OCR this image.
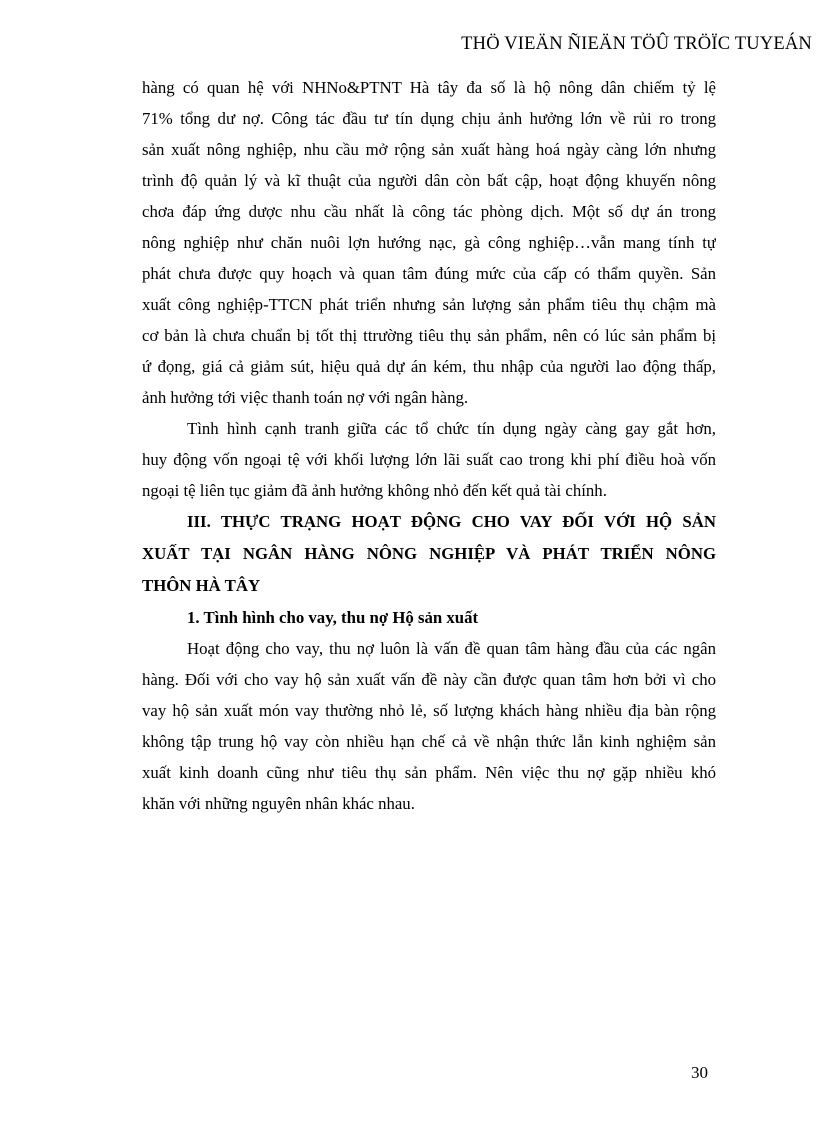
THÖ VIEÄN ÑIEÄN TÖÛ TRÖÏC TUYEÁN
hàng có quan hệ với NHNo&PTNT Hà tây đa số là hộ nông dân chiếm tỷ lệ
71% tổng dư nợ. Công tác đầu tư tín dụng chịu ảnh hưởng lớn về rủi ro trong
sản xuất nông nghiệp, nhu cầu mở rộng sản xuất hàng hoá ngày càng lớn nhưng
trình độ quản lý và kĩ thuật của người dân còn bất cập, hoạt động khuyến nông
chơa đáp ứng dược nhu cầu nhất là công tác phòng dịch. Một số dự án trong
nông nghiệp như chăn nuôi lợn hướng nạc, gà công nghiệp…vẫn mang tính tự
phát chưa được quy hoạch và quan tâm đúng mức của cấp có thẩm quyền. Sản
xuất công nghiệp-TTCN phát triển nhưng sản lượng sản phẩm tiêu thụ chậm mà
cơ bản là chưa chuẩn bị tốt thị ttrường tiêu thụ sản phẩm, nên có lúc sản phẩm bị
ứ đọng, giá cả giảm sút, hiệu quả dự án kém, thu nhập của người lao động thấp,
ảnh hưởng tới việc thanh toán nợ với ngân hàng.
Tình hình cạnh tranh giữa các tổ chức tín dụng ngày càng gay gắt hơn,
huy động vốn ngoại tệ với khối lượng lớn lãi suất cao trong khi phí điều hoà vốn
ngoại tệ liên tục giảm đã ảnh hưởng không nhỏ đến kết quả tài chính.
III. THỰC TRẠNG HOẠT ĐỘNG CHO VAY ĐỐI VỚI HỘ SẢN
XUẤT TẠI NGÂN HÀNG NÔNG NGHIỆP VÀ PHÁT TRIỂN NÔNG
THÔN HÀ TÂY
1. Tình hình cho vay, thu nợ Hộ sản xuất
Hoạt động cho vay, thu nợ luôn là vấn đề quan tâm hàng đầu của các ngân
hàng. Đối với cho vay hộ sản xuất vấn đề này cần được quan tâm hơn bởi vì cho
vay hộ sản xuất món vay thường nhỏ lẻ, số lượng khách hàng nhiều địa bàn rộng
không tập trung hộ vay còn nhiều hạn chế cả về nhận thức lẫn kinh nghiệm sản
xuất kinh doanh cũng như tiêu thụ sản phẩm. Nên việc thu nợ gặp nhiều khó
khăn với những nguyên nhân khác nhau.
30
